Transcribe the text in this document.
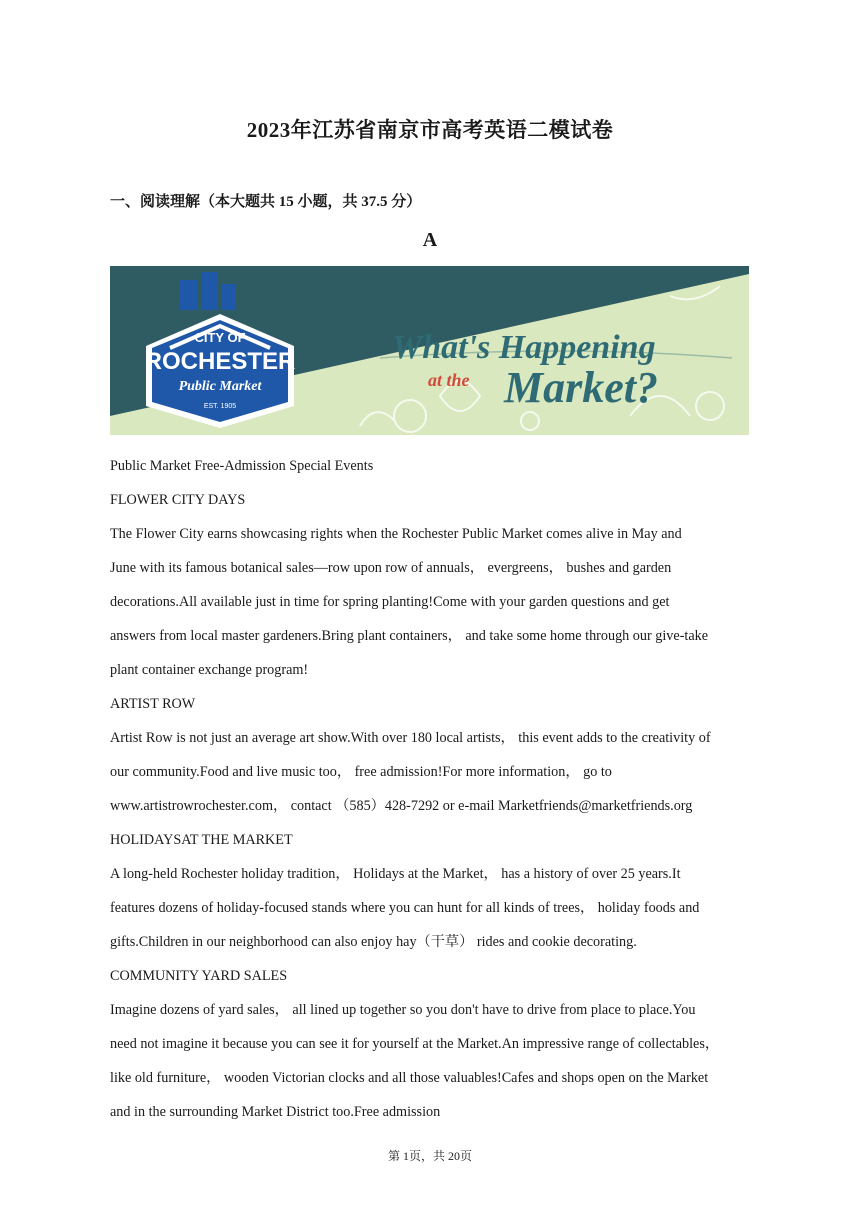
2023年江苏省南京市高考英语二模试卷
一、阅读理解（本大题共 15 小题，共 37.5 分）
A
CITY OF
ROCHESTER
Public Market
EST. 1905
What's Happening
at the Market?

Public Market Free-Admission Special Events

FLOWER CITY DAYS

The Flower City earns showcasing rights when the Rochester Public Market comes alive in May and

June with its famous botanical sales—row upon row of annuals， evergreens， bushes and garden

decorations.All available just in time for spring planting!Come with your garden questions and get

answers from local master gardeners.Bring plant containers， and take some home through our give-take

plant container exchange program!

ARTIST ROW

Artist Row is not just an average art show.With over 180 local artists， this event adds to the creativity of

our community.Food and live music too， free admission!For more information， go to

www.artistrowrochester.com， contact （585）428-7292 or e-mail Marketfriends@marketfriends.org

HOLIDAYSAT THE MARKET

A long-held Rochester holiday tradition， Holidays at the Market， has a history of over 25 years.It

features dozens of holiday-focused stands where you can hunt for all kinds of trees， holiday foods and

gifts.Children in our neighborhood can also enjoy hay（干草） rides and cookie decorating.

COMMUNITY YARD SALES

Imagine dozens of yard sales， all lined up together so you don't have to drive from place to place.You

need not imagine it because you can see it for yourself at the Market.An impressive range of collectables，

like old furniture， wooden Victorian clocks and all those valuables!Cafes and shops open on the Market

and in the surrounding Market District too.Free admission

第 1页，共 20页
